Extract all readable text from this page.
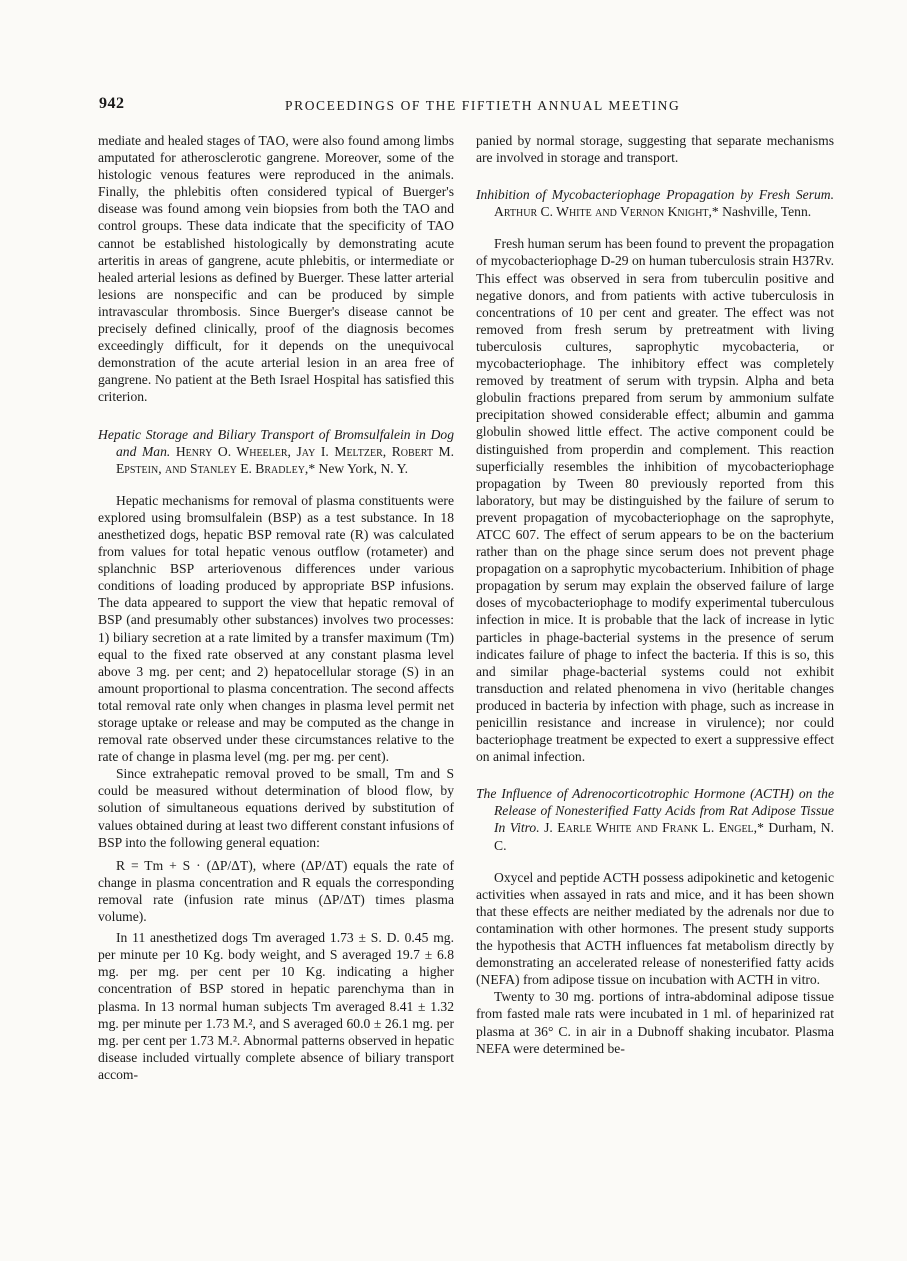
942	PROCEEDINGS OF THE FIFTIETH ANNUAL MEETING

mediate and healed stages of TAO, were also found among limbs amputated for atherosclerotic gangrene. Moreover, some of the histologic venous features were reproduced in the animals. Finally, the phlebitis often considered typical of Buerger's disease was found among vein biopsies from both the TAO and control groups. These data indicate that the specificity of TAO cannot be established histologically by demonstrating acute arteritis in areas of gangrene, acute phlebitis, or intermediate or healed arterial lesions as defined by Buerger. These latter arterial lesions are nonspecific and can be produced by simple intravascular thrombosis. Since Buerger's disease cannot be precisely defined clinically, proof of the diagnosis becomes exceedingly difficult, for it depends on the unequivocal demonstration of the acute arterial lesion in an area free of gangrene. No patient at the Beth Israel Hospital has satisfied this criterion.

Hepatic Storage and Biliary Transport of Bromsulfalein in Dog and Man. Henry O. Wheeler, Jay I. Meltzer, Robert M. Epstein, and Stanley E. Bradley,* New York, N. Y.

Hepatic mechanisms for removal of plasma constituents were explored using bromsulfalein (BSP) as a test substance. In 18 anesthetized dogs, hepatic BSP removal rate (R) was calculated from values for total hepatic venous outflow (rotameter) and splanchnic BSP arteriovenous differences under various conditions of loading produced by appropriate BSP infusions. The data appeared to support the view that hepatic removal of BSP (and presumably other substances) involves two processes: 1) biliary secretion at a rate limited by a transfer maximum (Tm) equal to the fixed rate observed at any constant plasma level above 3 mg. per cent; and 2) hepatocellular storage (S) in an amount proportional to plasma concentration. The second affects total removal rate only when changes in plasma level permit net storage uptake or release and may be computed as the change in removal rate observed under these circumstances relative to the rate of change in plasma level (mg. per mg. per cent).

Since extrahepatic removal proved to be small, Tm and S could be measured without determination of blood flow, by solution of simultaneous equations derived by substitution of values obtained during at least two different constant infusions of BSP into the following general equation:

R = Tm + S · (ΔP/ΔT), where (ΔP/ΔT) equals the rate of change in plasma concentration and R equals the corresponding removal rate (infusion rate minus (ΔP/ΔT) times plasma volume).

In 11 anesthetized dogs Tm averaged 1.73 ± S. D. 0.45 mg. per minute per 10 Kg. body weight, and S averaged 19.7 ± 6.8 mg. per mg. per cent per 10 Kg. indicating a higher concentration of BSP stored in hepatic parenchyma than in plasma. In 13 normal human subjects Tm averaged 8.41 ± 1.32 mg. per minute per 1.73 M.², and S averaged 60.0 ± 26.1 mg. per mg. per cent per 1.73 M.². Abnormal patterns observed in hepatic disease included virtually complete absence of biliary transport accom-

panied by normal storage, suggesting that separate mechanisms are involved in storage and transport.

Inhibition of Mycobacteriophage Propagation by Fresh Serum. Arthur C. White and Vernon Knight,* Nashville, Tenn.

Fresh human serum has been found to prevent the propagation of mycobacteriophage D-29 on human tuberculosis strain H37Rv. This effect was observed in sera from tuberculin positive and negative donors, and from patients with active tuberculosis in concentrations of 10 per cent and greater. The effect was not removed from fresh serum by pretreatment with living tuberculosis cultures, saprophytic mycobacteria, or mycobacteriophage. The inhibitory effect was completely removed by treatment of serum with trypsin. Alpha and beta globulin fractions prepared from serum by ammonium sulfate precipitation showed considerable effect; albumin and gamma globulin showed little effect. The active component could be distinguished from properdin and complement. This reaction superficially resembles the inhibition of mycobacteriophage propagation by Tween 80 previously reported from this laboratory, but may be distinguished by the failure of serum to prevent propagation of mycobacteriophage on the saprophyte, ATCC 607. The effect of serum appears to be on the bacterium rather than on the phage since serum does not prevent phage propagation on a saprophytic mycobacterium. Inhibition of phage propagation by serum may explain the observed failure of large doses of mycobacteriophage to modify experimental tuberculous infection in mice. It is probable that the lack of increase in lytic particles in phage-bacterial systems in the presence of serum indicates failure of phage to infect the bacteria. If this is so, this and similar phage-bacterial systems could not exhibit transduction and related phenomena in vivo (heritable changes produced in bacteria by infection with phage, such as increase in penicillin resistance and increase in virulence); nor could bacteriophage treatment be expected to exert a suppressive effect on animal infection.

The Influence of Adrenocorticotrophic Hormone (ACTH) on the Release of Nonesterified Fatty Acids from Rat Adipose Tissue In Vitro. J. Earle White and Frank L. Engel,* Durham, N. C.

Oxycel and peptide ACTH possess adipokinetic and ketogenic activities when assayed in rats and mice, and it has been shown that these effects are neither mediated by the adrenals nor due to contamination with other hormones. The present study supports the hypothesis that ACTH influences fat metabolism directly by demonstrating an accelerated release of nonesterified fatty acids (NEFA) from adipose tissue on incubation with ACTH in vitro.

Twenty to 30 mg. portions of intra-abdominal adipose tissue from fasted male rats were incubated in 1 ml. of heparinized rat plasma at 36° C. in air in a Dubnoff shaking incubator. Plasma NEFA were determined be-
